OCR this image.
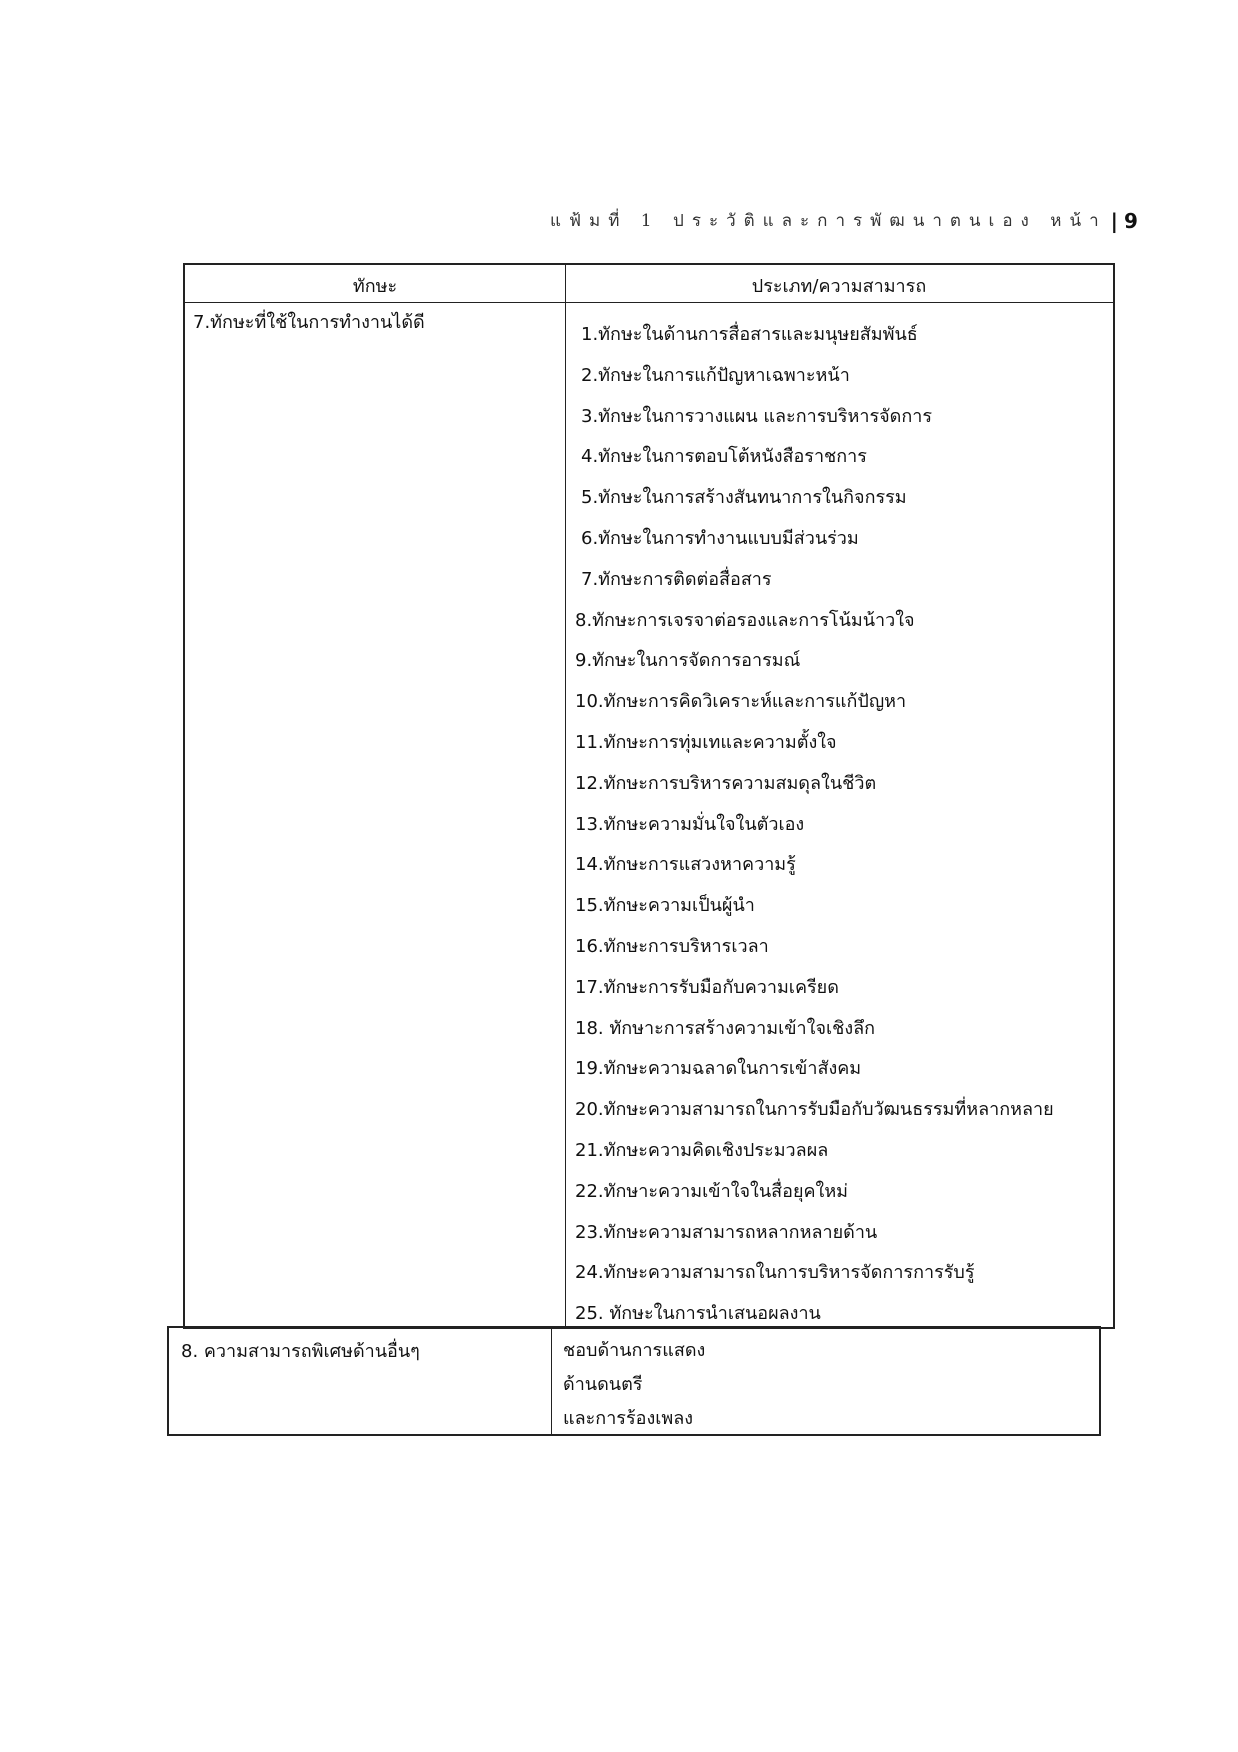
แฟ้มที่ 1 ประวัติและการพัฒนาตนเอง หน้า | 9
ทักษะ	ประเภท/ความสามารถ
7.ทักษะที่ใช้ในการทำงานได้ดี
1.ทักษะในด้านการสื่อสารและมนุษยสัมพันธ์
2.ทักษะในการแก้ปัญหาเฉพาะหน้า
3.ทักษะในการวางแผน และการบริหารจัดการ
4.ทักษะในการตอบโต้หนังสือราชการ
5.ทักษะในการสร้างสันทนาการในกิจกรรม
6.ทักษะในการทำงานแบบมีส่วนร่วม
7.ทักษะการติดต่อสื่อสาร
8.ทักษะการเจรจาต่อรองและการโน้มน้าวใจ
9.ทักษะในการจัดการอารมณ์
10.ทักษะการคิดวิเคราะห์และการแก้ปัญหา
11.ทักษะการทุ่มเทและความตั้งใจ
12.ทักษะการบริหารความสมดุลในชีวิต
13.ทักษะความมั่นใจในตัวเอง
14.ทักษะการแสวงหาความรู้
15.ทักษะความเป็นผู้นำ
16.ทักษะการบริหารเวลา
17.ทักษะการรับมือกับความเครียด
18. ทักษาะการสร้างความเข้าใจเชิงลึก
19.ทักษะความฉลาดในการเข้าสังคม
20.ทักษะความสามารถในการรับมือกับวัฒนธรรมที่หลากหลาย
21.ทักษะความคิดเชิงประมวลผล
22.ทักษาะความเข้าใจในสื่อยุคใหม่
23.ทักษะความสามารถหลากหลายด้าน
24.ทักษะความสามารถในการบริหารจัดการการรับรู้
25. ทักษะในการนำเสนอผลงาน
8. ความสามารถพิเศษด้านอื่นๆ	ชอบด้านการแสดง
ด้านดนตรี
และการร้องเพลง
